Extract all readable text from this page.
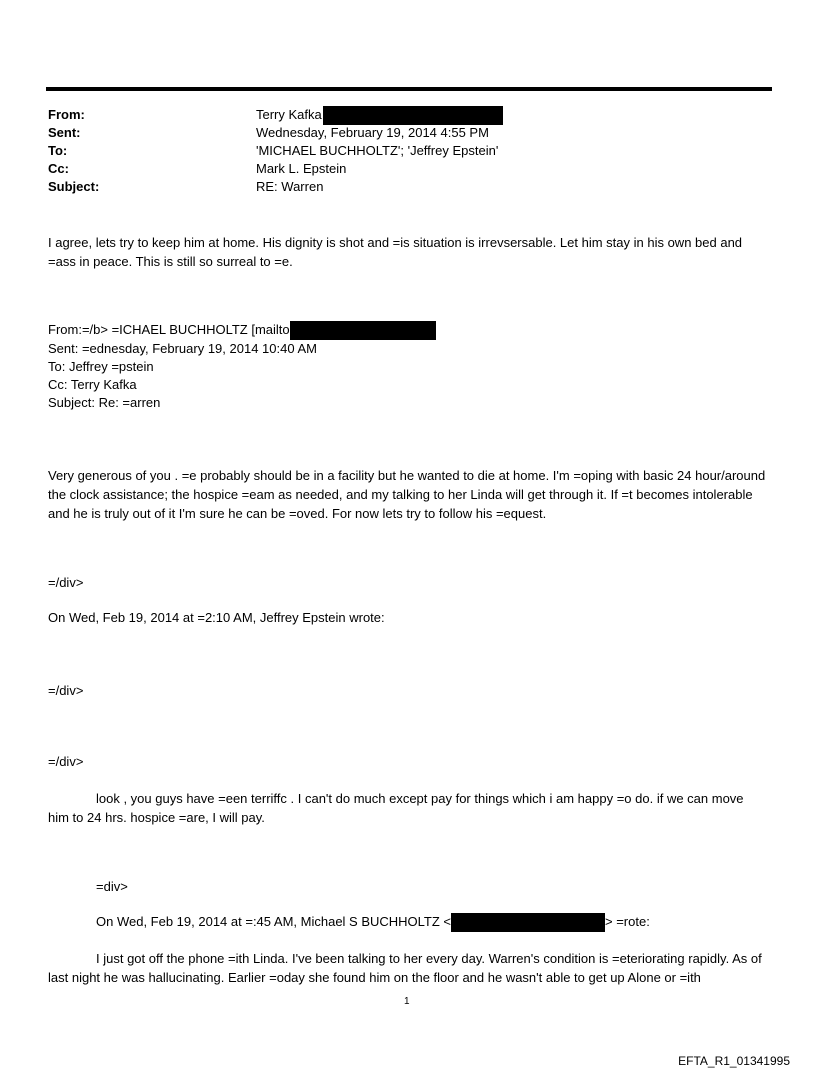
From:	Terry Kafka
Sent:	Wednesday, February 19, 2014 4:55 PM
To:	'MICHAEL BUCHHOLTZ'; 'Jeffrey Epstein'
Cc:	Mark L. Epstein
Subject:	RE: Warren

I agree, lets try to keep him at home. His dignity is shot and =is situation is irrevsersable. Let him stay in his own bed and =ass in peace. This is still so surreal to =e.

From:=/b> =ICHAEL BUCHHOLTZ [mailto
Sent: =ednesday, February 19, 2014 10:40 AM
To: Jeffrey =pstein
Cc: Terry Kafka
Subject: Re: =arren

Very generous of you . =e probably should be in a facility but he wanted to die at home. I'm =oping with basic 24 hour/around the clock assistance; the hospice =eam as needed, and my talking to her Linda will get through it. If =t becomes intolerable and he is truly out of it I'm sure he can be =oved. For now lets try to follow his =equest.

=/div>
On Wed, Feb 19, 2014 at =2:10 AM, Jeffrey Epstein wrote:
=/div>
=/div>

look , you guys have =een terriffc . I can't do much except pay for things which i am happy =o do. if we can move him to 24 hrs. hospice =are, I will pay.

=div>
On Wed, Feb 19, 2014 at =:45 AM, Michael S BUCHHOLTZ <	> =rote:

I just got off the phone =ith Linda. I've been talking to her every day. Warren's condition is =eteriorating rapidly. As of last night he was hallucinating. Earlier =oday she found him on the floor and he wasn't able to get up Alone or =ith

1
EFTA_R1_01341995
